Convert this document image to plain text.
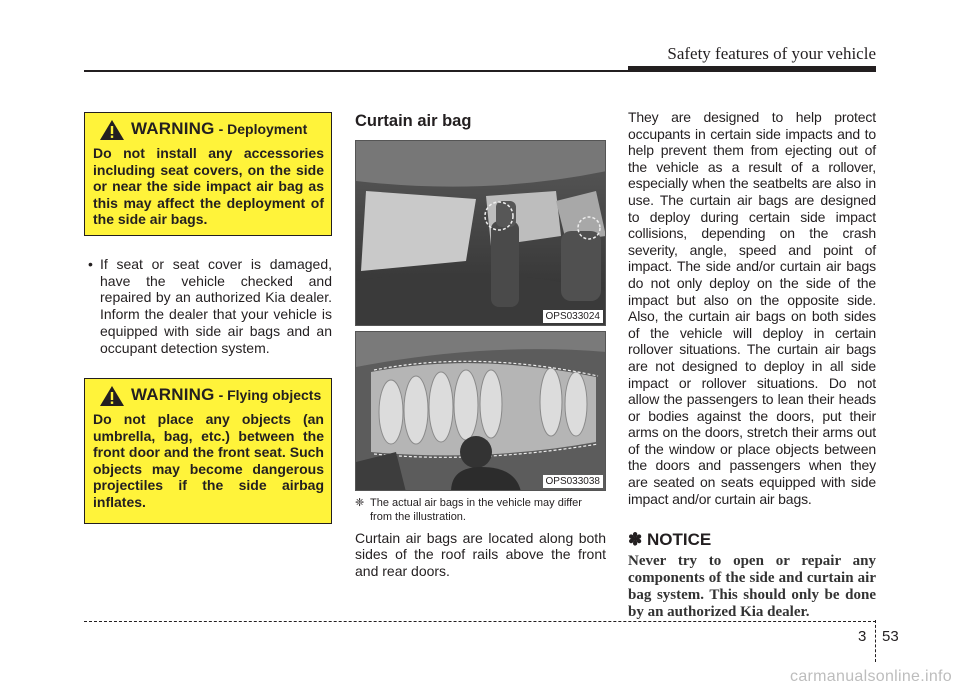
Safety features of your vehicle
WARNING - Deployment
Do not install any accessories including seat covers, on the side or near the side impact air bag as this may affect the deployment of the side air bags.
• If seat or seat cover is damaged, have the vehicle checked and repaired by an authorized Kia dealer. Inform the dealer that your vehicle is equipped with side air bags and an occupant detection system.
WARNING - Flying objects
Do not place any objects (an umbrella, bag, etc.) between the front door and the front seat. Such objects may become dangerous projectiles if the side airbag inflates.
Curtain air bag
OPS033024
OPS033038
❈ The actual air bags in the vehicle may differ from the illustration.
Curtain air bags are located along both sides of the roof rails above the front and rear doors.
They are designed to help protect occupants in certain side impacts and to help prevent them from ejecting out of the vehicle as a result of a rollover, especially when the seatbelts are also in use. The curtain air bags are designed to deploy during certain side impact collisions, depending on the crash severity, angle, speed and point of impact. The side and/or curtain air bags do not only deploy on the side of the impact but also on the opposite side. Also, the curtain air bags on both sides of the vehicle will deploy in certain rollover situations. The curtain air bags are not designed to deploy in all side impact or rollover situations. Do not allow the passengers to lean their heads or bodies against the doors, put their arms on the doors, stretch their arms out of the window or place objects between the doors and passengers when they are seated on seats equipped with side impact and/or curtain air bags.
✽ NOTICE
Never try to open or repair any components of the side and curtain air bag system. This should only be done by an authorized Kia dealer.
3 53
carmanualsonline.info
